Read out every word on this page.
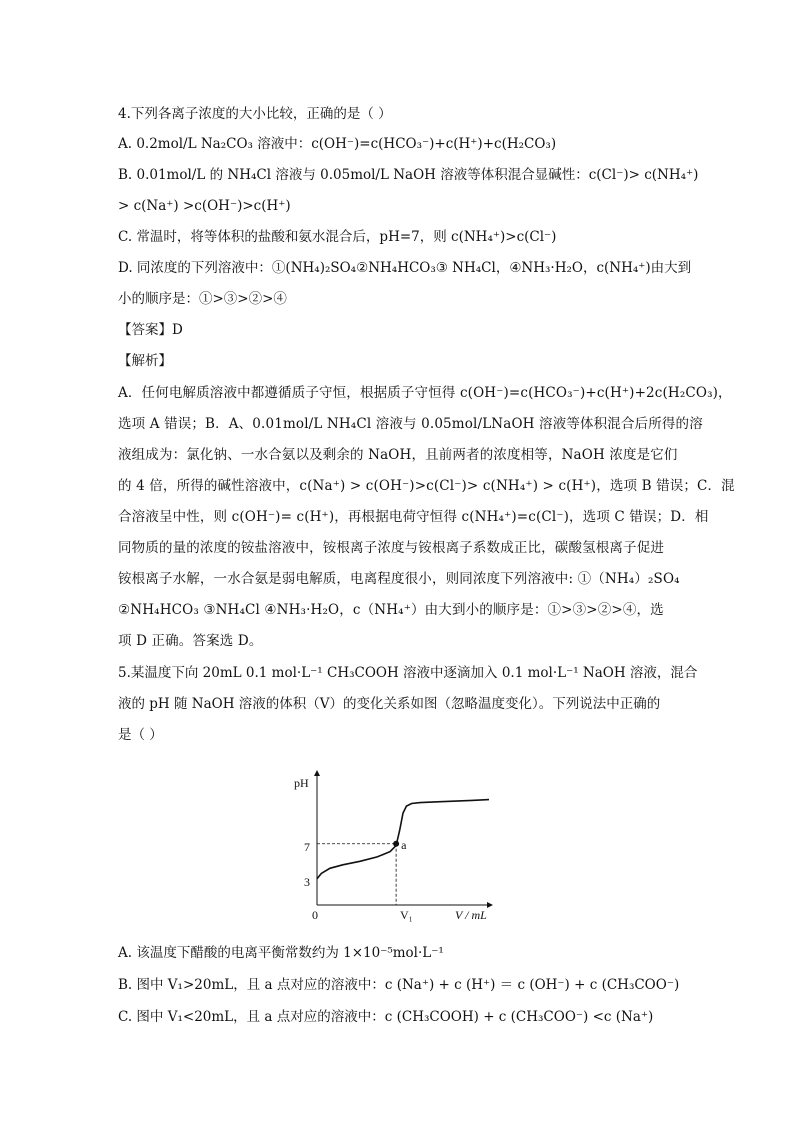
4.下列各离子浓度的大小比较，正确的是（ ）
A. 0.2mol/L Na₂CO₃ 溶液中：c(OH⁻)=c(HCO₃⁻)+c(H⁺)+c(H₂CO₃)
B. 0.01mol/L 的 NH₄Cl 溶液与 0.05mol/L NaOH 溶液等体积混合显碱性：c(Cl⁻)> c(NH₄⁺)
> c(Na⁺) >c(OH⁻)>c(H⁺)
C. 常温时，将等体积的盐酸和氨水混合后，pH=7，则 c(NH₄⁺)>c(Cl⁻)
D. 同浓度的下列溶液中：①(NH₄)₂SO₄②NH₄HCO₃③ NH₄Cl，④NH₃·H₂O，c(NH₄⁺)由大到
小的顺序是：①>③>②>④
【答案】D
【解析】
A．任何电解质溶液中都遵循质子守恒，根据质子守恒得 c(OH⁻)=c(HCO₃⁻)+c(H⁺)+2c(H₂CO₃)，
选项 A 错误；B．A、0.01mol/L NH₄Cl 溶液与 0.05mol/LNaOH 溶液等体积混合后所得的溶
液组成为：氯化钠、一水合氨以及剩余的 NaOH，且前两者的浓度相等，NaOH 浓度是它们
的 4 倍，所得的碱性溶液中，c(Na⁺) > c(OH⁻)>c(Cl⁻)> c(NH₄⁺) > c(H⁺)，选项 B 错误；C．混
合溶液呈中性，则 c(OH⁻)= c(H⁺)，再根据电荷守恒得 c(NH₄⁺)=c(Cl⁻)，选项 C 错误；D．相
同物质的量的浓度的铵盐溶液中，铵根离子浓度与铵根离子系数成正比，碳酸氢根离子促进
铵根离子水解，一水合氨是弱电解质，电离程度很小，则同浓度下列溶液中: ①（NH₄）₂SO₄
②NH₄HCO₃ ③NH₄Cl ④NH₃·H₂O，c（NH₄⁺）由大到小的顺序是：①>③>②>④，选
项 D 正确。答案选 D。
5.某温度下向 20mL 0.1 mol·L⁻¹ CH₃COOH 溶液中逐滴加入 0.1 mol·L⁻¹ NaOH 溶液，混合
液的 pH 随 NaOH 溶液的体积（V）的变化关系如图（忽略温度变化）。下列说法中正确的
是（ ）
pH
V / mL
0
3
7
V₁
a
A. 该温度下醋酸的电离平衡常数约为 1×10⁻⁵mol·L⁻¹
B. 图中 V₁>20mL，且 a 点对应的溶液中：c (Na⁺) + c (H⁺) ＝ c (OH⁻) + c (CH₃COO⁻)
C. 图中 V₁<20mL，且 a 点对应的溶液中：c (CH₃COOH) + c (CH₃COO⁻) <c (Na⁺)
